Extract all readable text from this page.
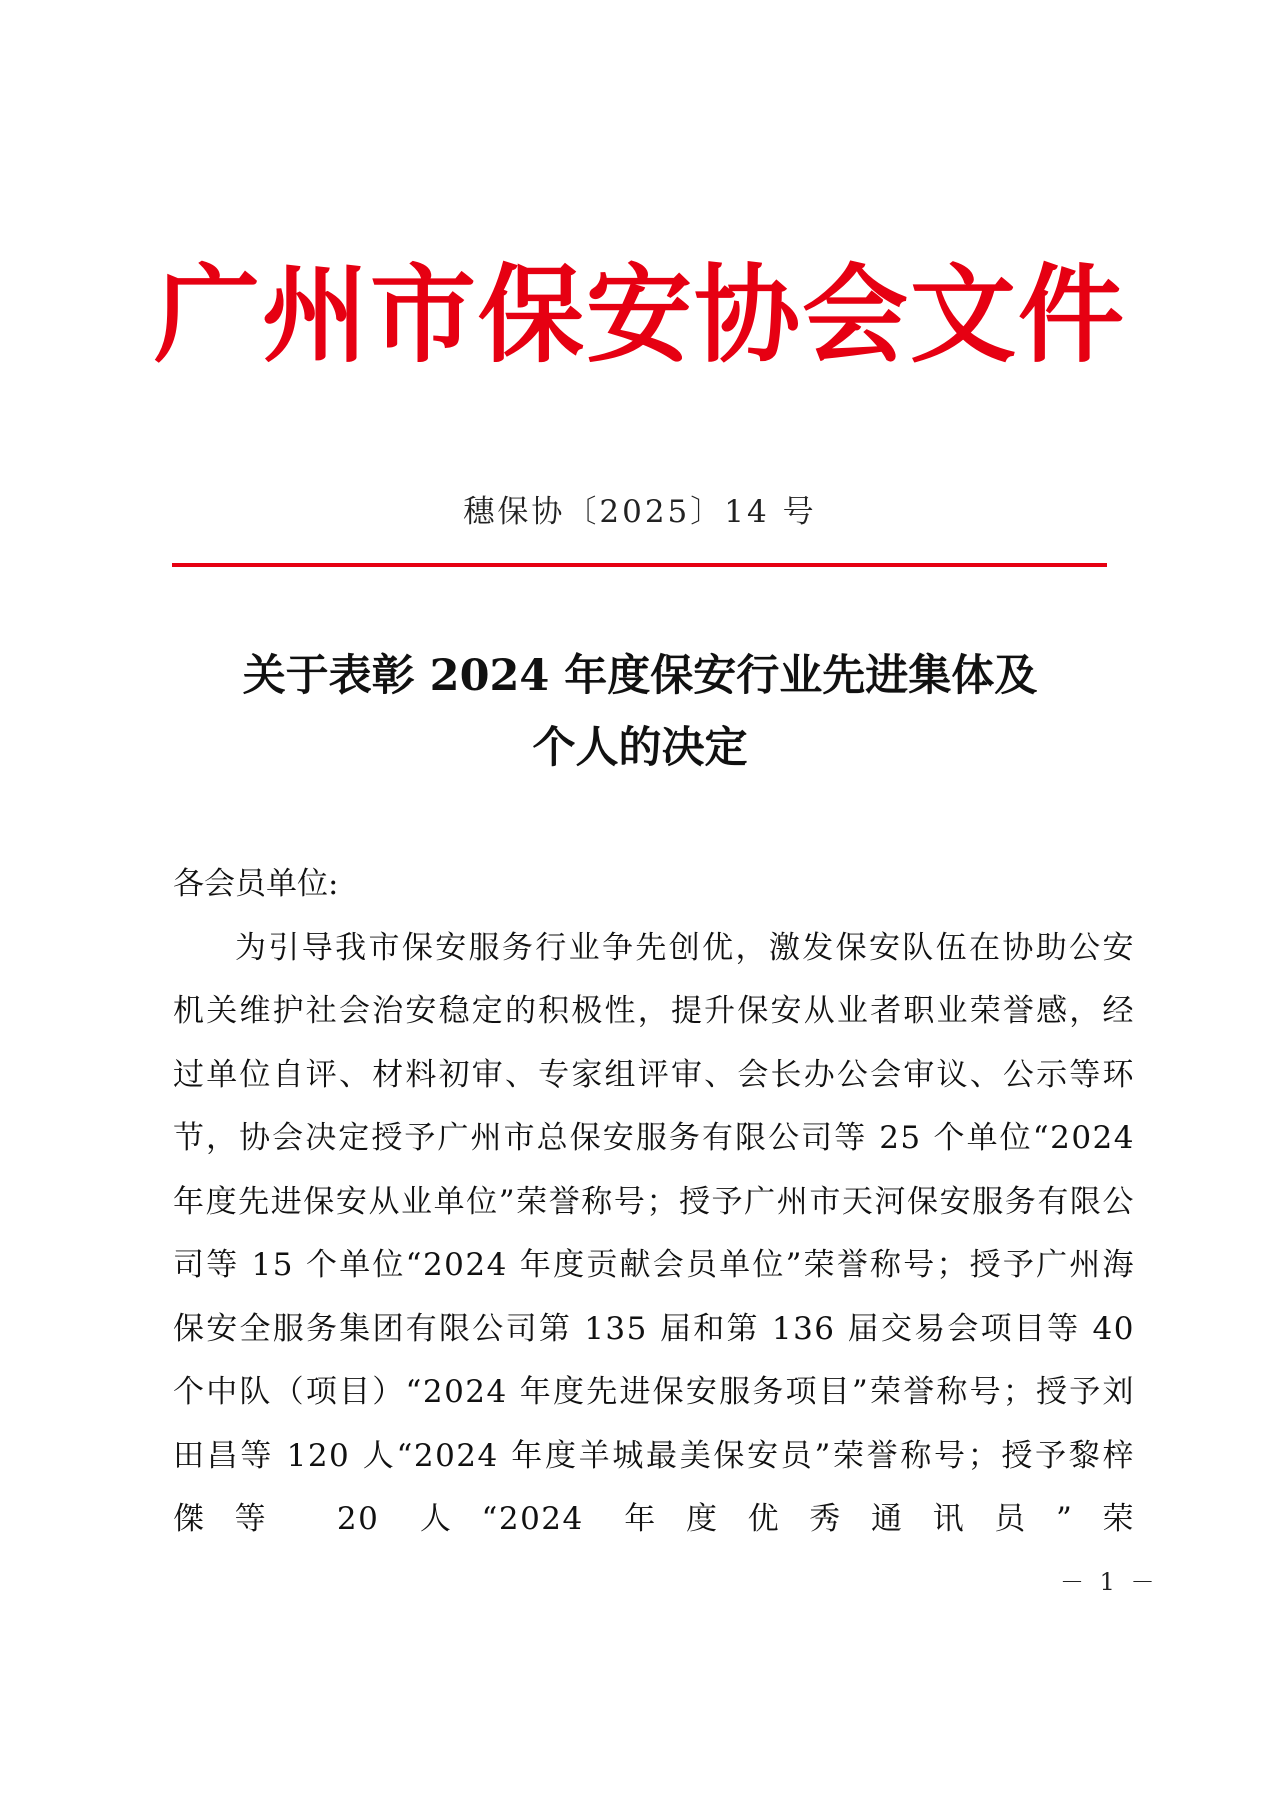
广州市保安协会文件
穗保协〔2025〕14 号
关于表彰 2024 年度保安行业先进集体及
个人的决定

各会员单位:

为引导我市保安服务行业争先创优，激发保安队伍在协助公安机关维护社会治安稳定的积极性，提升保安从业者职业荣誉感，经过单位自评、材料初审、专家组评审、会长办公会审议、公示等环节，协会决定授予广州市总保安服务有限公司等 25 个单位“2024 年度先进保安从业单位”荣誉称号；授予广州市天河保安服务有限公司等 15 个单位“2024 年度贡献会员单位”荣誉称号；授予广州海保安全服务集团有限公司第 135 届和第 136 届交易会项目等 40 个中队（项目）“2024 年度先进保安服务项目”荣誉称号；授予刘田昌等 120 人“2024 年度羊城最美保安员”荣誉称号；授予黎梓傑等 20 人“2024 年度优秀通讯员”荣

－ 1 －
